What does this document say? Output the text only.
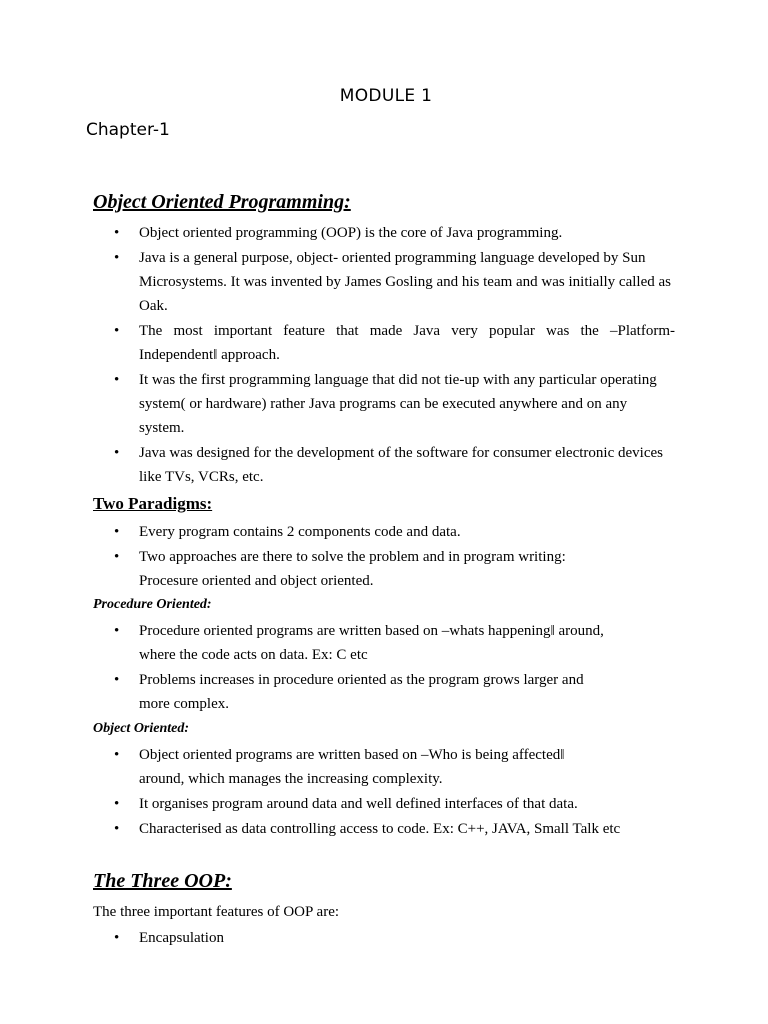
MODULE 1
Chapter-1
Object Oriented Programming:
• Object oriented programming (OOP) is the core of Java programming.
• Java is a general purpose, object- oriented programming language developed by Sun Microsystems. It was invented by James Gosling and his team and was initially called as Oak.
• The most important feature that made Java very popular was the –Platform- Independent‖ approach.
• It was the first programming language that did not tie-up with any particular operating system( or hardware) rather Java programs can be executed anywhere and on any system.
• Java was designed for the development of the software for consumer electronic devices like TVs, VCRs, etc.
Two Paradigms:
• Every program contains 2 components code and data.
• Two approaches are there to solve the problem and in program writing: Procesure oriented and object oriented.
Procedure Oriented:
• Procedure oriented programs are written based on –whats happening‖ around, where the code acts on data. Ex: C etc
• Problems increases in procedure oriented as the program grows larger and more complex.
Object Oriented:
• Object oriented programs are written based on –Who is being affected‖ around, which manages the increasing complexity.
• It organises program around data and well defined interfaces of that data.
• Characterised as data controlling access to code. Ex: C++, JAVA, Small Talk etc
The Three OOP:
The three important features of OOP are:
• Encapsulation
